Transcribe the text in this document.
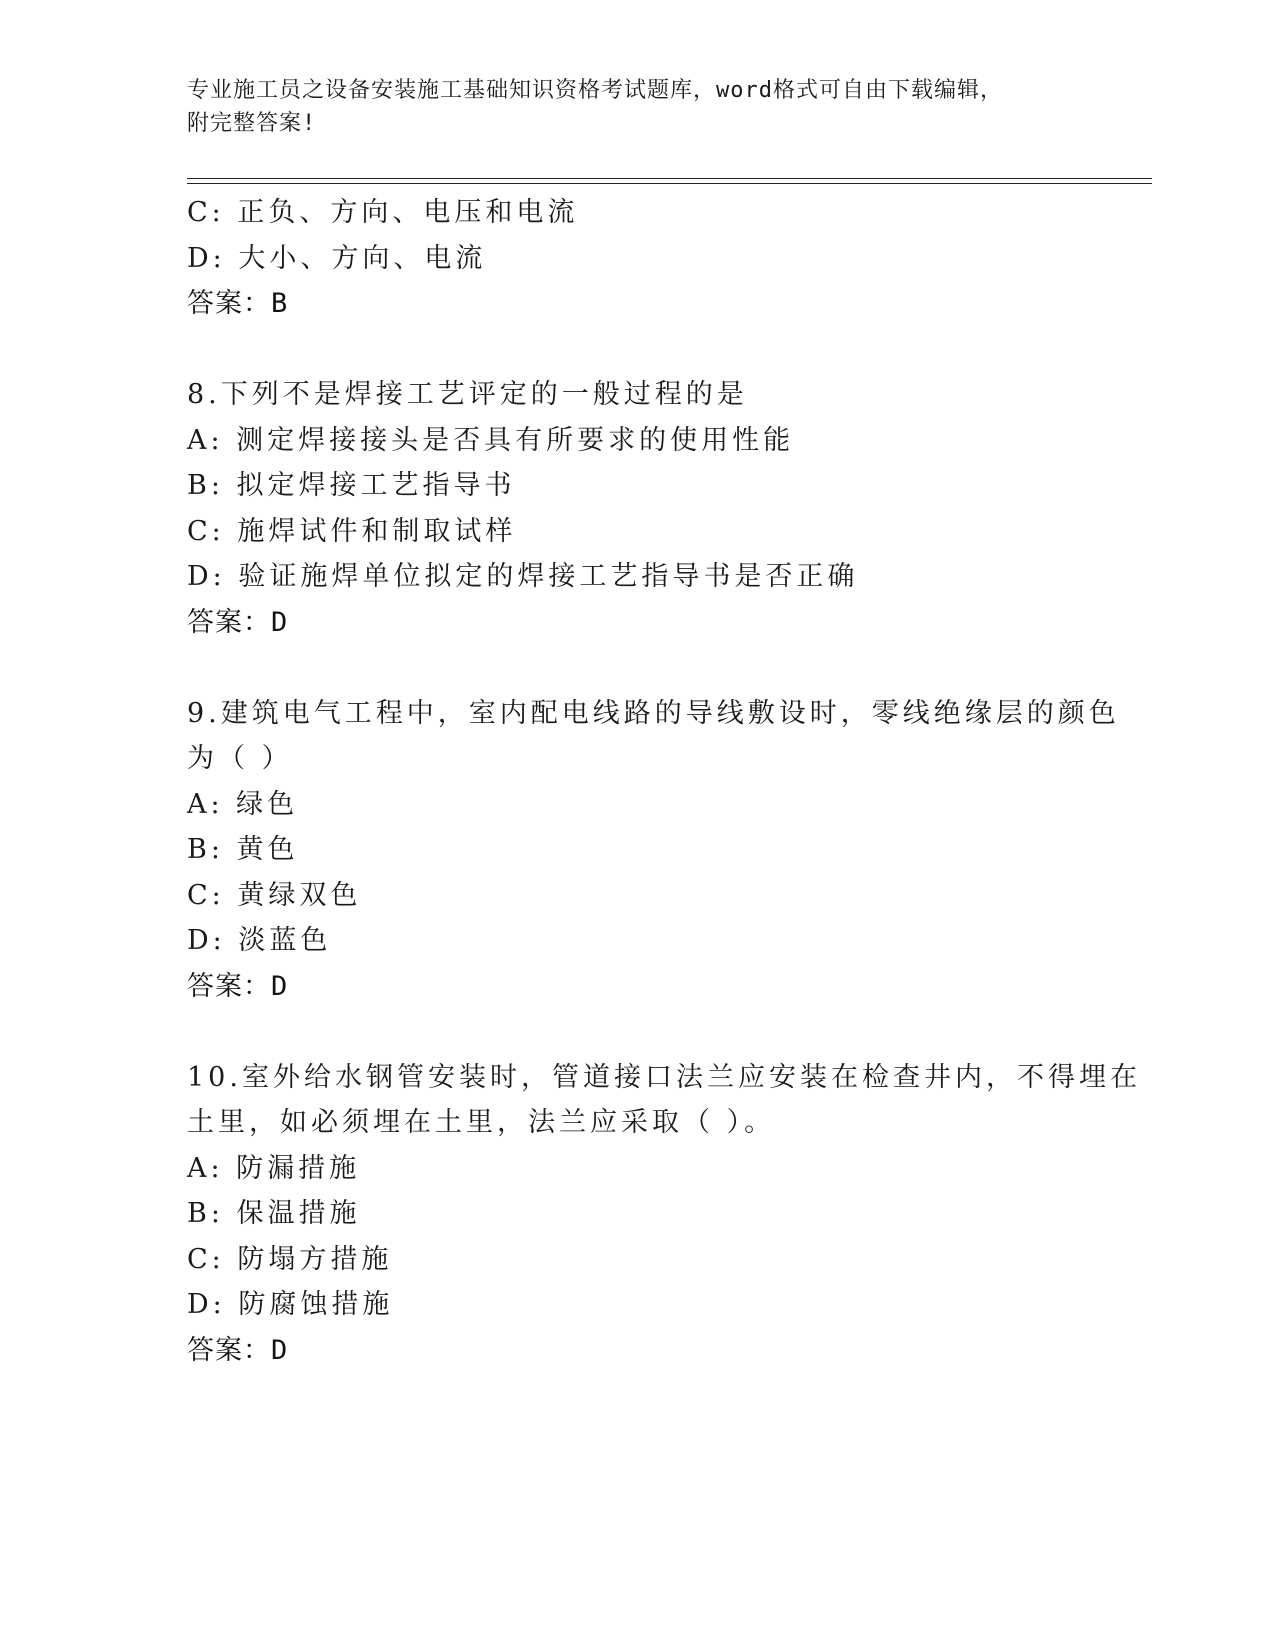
专业施工员之设备安装施工基础知识资格考试题库，word格式可自由下载编辑，
附完整答案!
C: 正负、方向、电压和电流
D: 大小、方向、电流
答案：B
8.下列不是焊接工艺评定的一般过程的是
A: 测定焊接接头是否具有所要求的使用性能
B: 拟定焊接工艺指导书
C: 施焊试件和制取试样
D: 验证施焊单位拟定的焊接工艺指导书是否正确
答案：D
9.建筑电气工程中，室内配电线路的导线敷设时，零线绝缘层的颜色
为（ ）
A: 绿色
B: 黄色
C: 黄绿双色
D: 淡蓝色
答案：D
10.室外给水钢管安装时，管道接口法兰应安装在检查井内，不得埋在
土里，如必须埋在土里，法兰应采取（ ）。
A: 防漏措施
B: 保温措施
C: 防塌方措施
D: 防腐蚀措施
答案：D
